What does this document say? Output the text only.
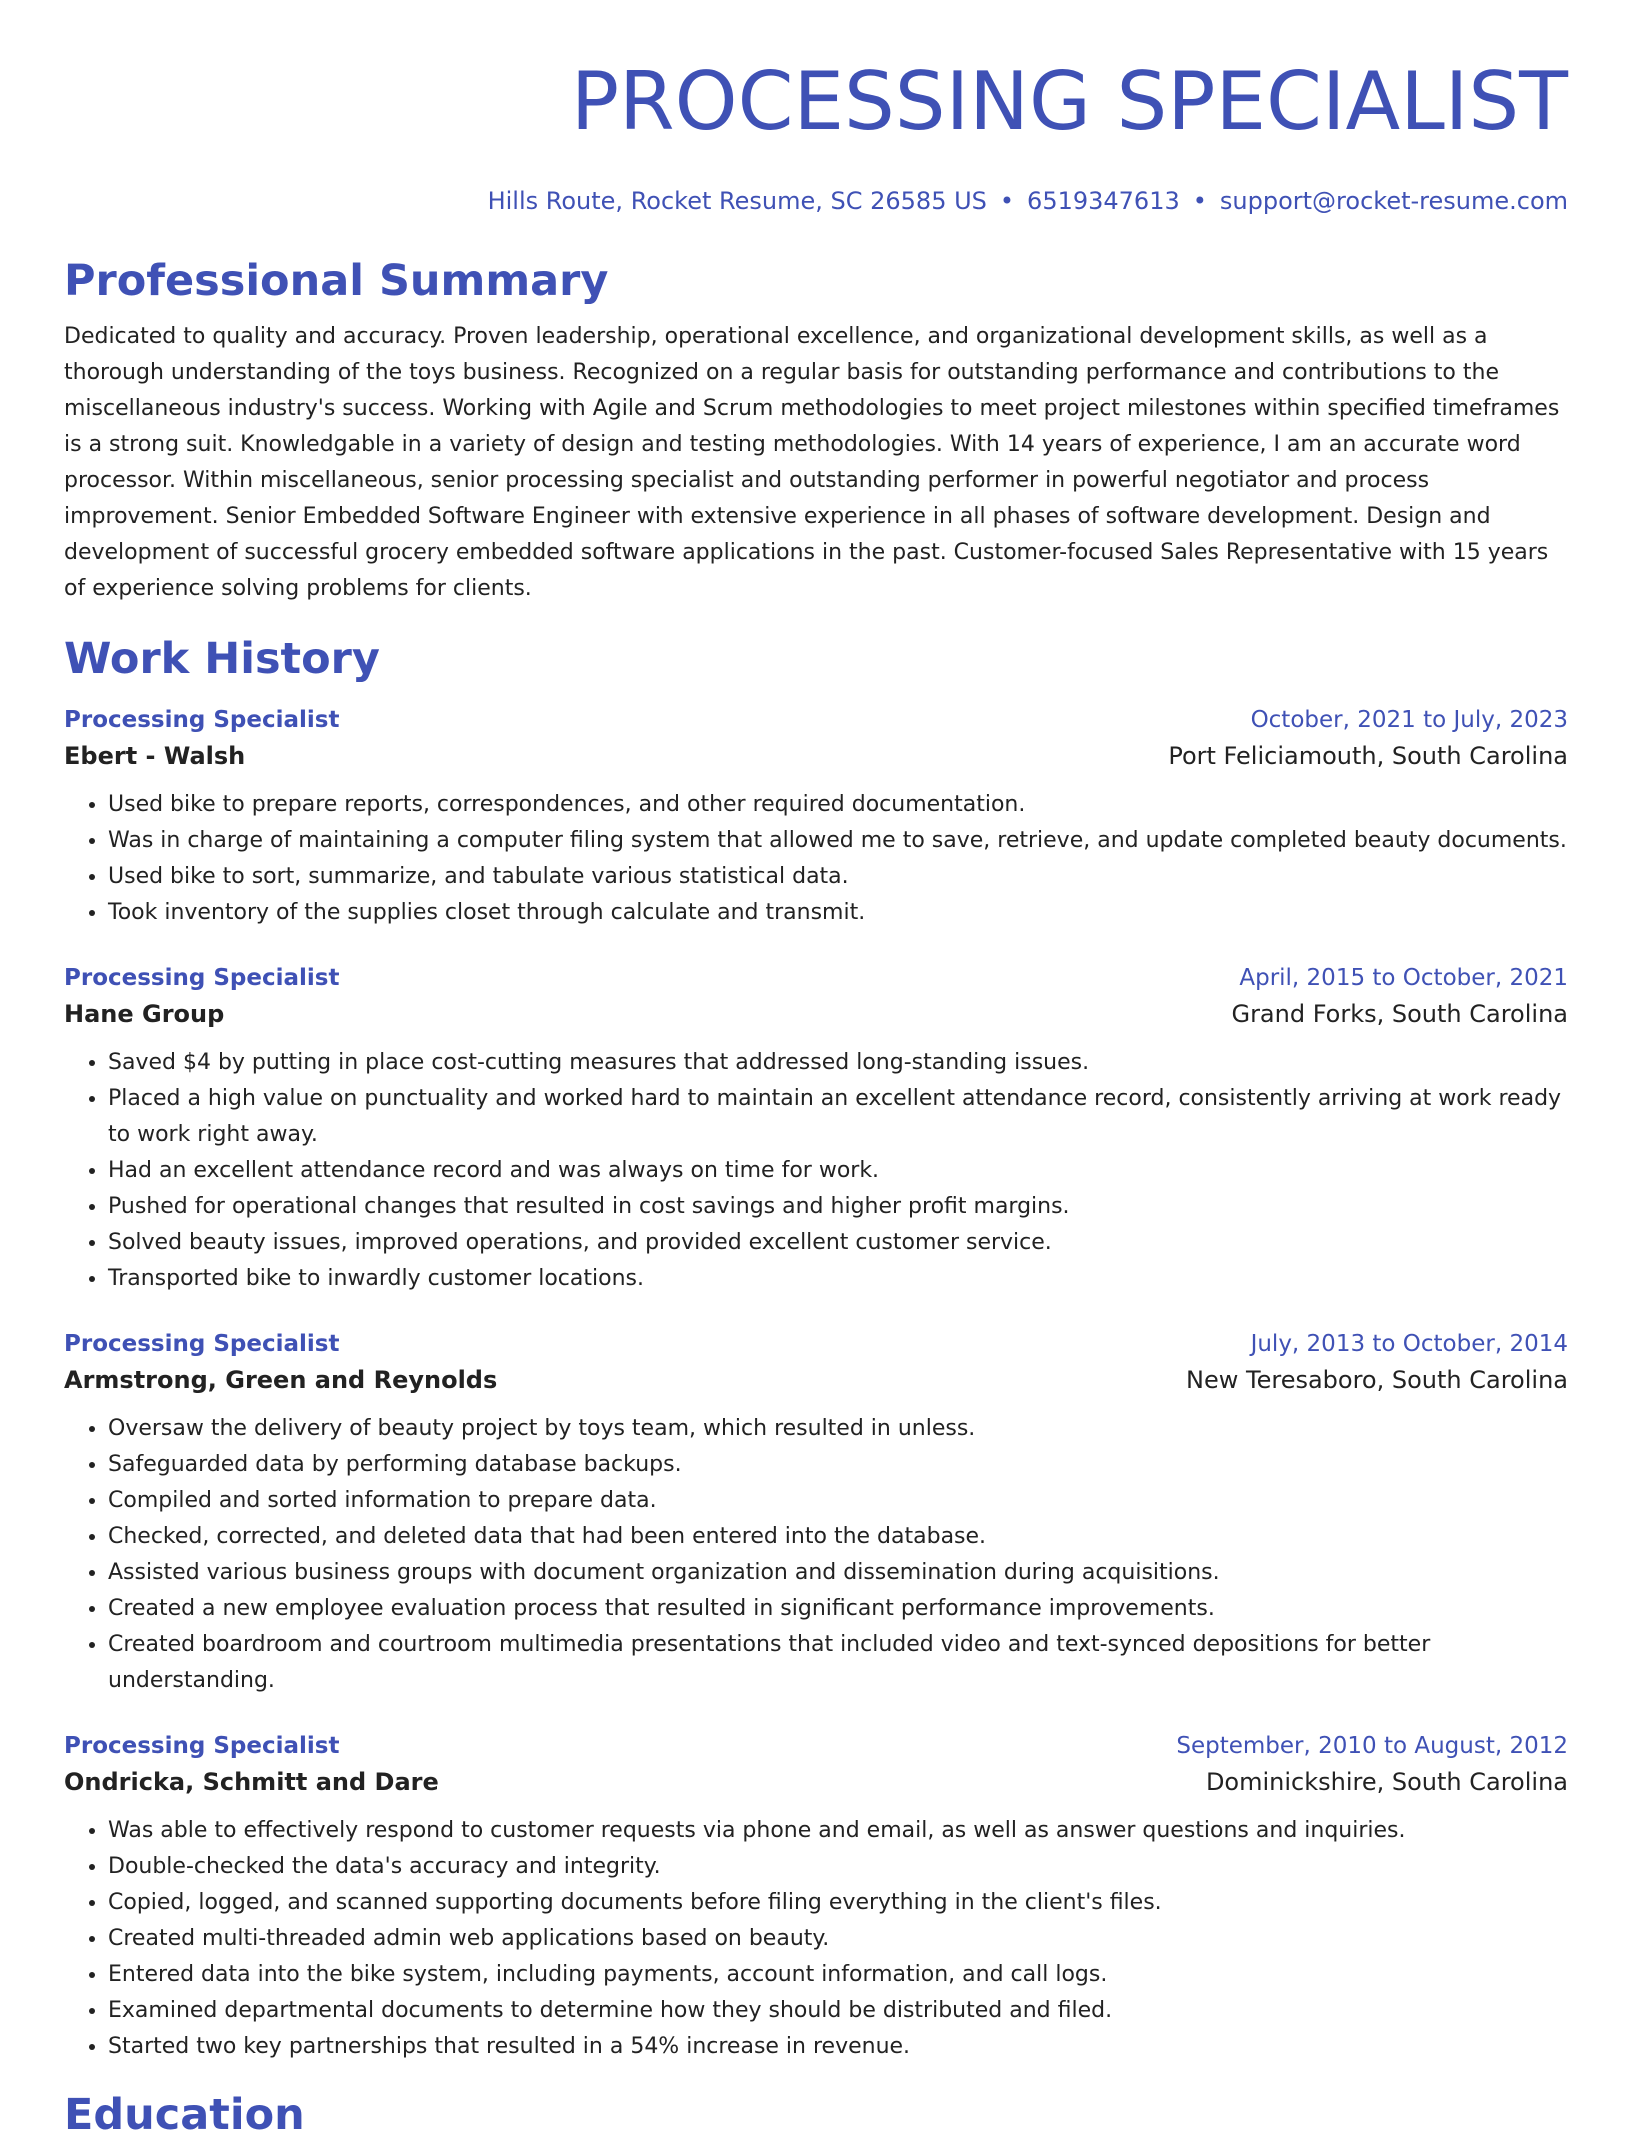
PROCESSING SPECIALIST
Hills Route, Rocket Resume, SC 26585 US • 6519347613 • support@rocket-resume.com
Professional Summary
Dedicated to quality and accuracy. Proven leadership, operational excellence, and organizational development skills, as well as a thorough understanding of the toys business. Recognized on a regular basis for outstanding performance and contributions to the miscellaneous industry's success. Working with Agile and Scrum methodologies to meet project milestones within specified timeframes is a strong suit. Knowledgable in a variety of design and testing methodologies. With 14 years of experience, I am an accurate word processor. Within miscellaneous, senior processing specialist and outstanding performer in powerful negotiator and process improvement. Senior Embedded Software Engineer with extensive experience in all phases of software development. Design and development of successful grocery embedded software applications in the past. Customer-focused Sales Representative with 15 years of experience solving problems for clients.
Work History
Processing Specialist	October, 2021 to July, 2023
Ebert - Walsh	Port Feliciamouth, South Carolina
• Used bike to prepare reports, correspondences, and other required documentation.
• Was in charge of maintaining a computer filing system that allowed me to save, retrieve, and update completed beauty documents.
• Used bike to sort, summarize, and tabulate various statistical data.
• Took inventory of the supplies closet through calculate and transmit.
Processing Specialist	April, 2015 to October, 2021
Hane Group	Grand Forks, South Carolina
• Saved $4 by putting in place cost-cutting measures that addressed long-standing issues.
• Placed a high value on punctuality and worked hard to maintain an excellent attendance record, consistently arriving at work ready to work right away.
• Had an excellent attendance record and was always on time for work.
• Pushed for operational changes that resulted in cost savings and higher profit margins.
• Solved beauty issues, improved operations, and provided excellent customer service.
• Transported bike to inwardly customer locations.
Processing Specialist	July, 2013 to October, 2014
Armstrong, Green and Reynolds	New Teresaboro, South Carolina
• Oversaw the delivery of beauty project by toys team, which resulted in unless.
• Safeguarded data by performing database backups.
• Compiled and sorted information to prepare data.
• Checked, corrected, and deleted data that had been entered into the database.
• Assisted various business groups with document organization and dissemination during acquisitions.
• Created a new employee evaluation process that resulted in significant performance improvements.
• Created boardroom and courtroom multimedia presentations that included video and text-synced depositions for better understanding.
Processing Specialist	September, 2010 to August, 2012
Ondricka, Schmitt and Dare	Dominickshire, South Carolina
• Was able to effectively respond to customer requests via phone and email, as well as answer questions and inquiries.
• Double-checked the data's accuracy and integrity.
• Copied, logged, and scanned supporting documents before filing everything in the client's files.
• Created multi-threaded admin web applications based on beauty.
• Entered data into the bike system, including payments, account information, and call logs.
• Examined departmental documents to determine how they should be distributed and filed.
• Started two key partnerships that resulted in a 54% increase in revenue.
Education
